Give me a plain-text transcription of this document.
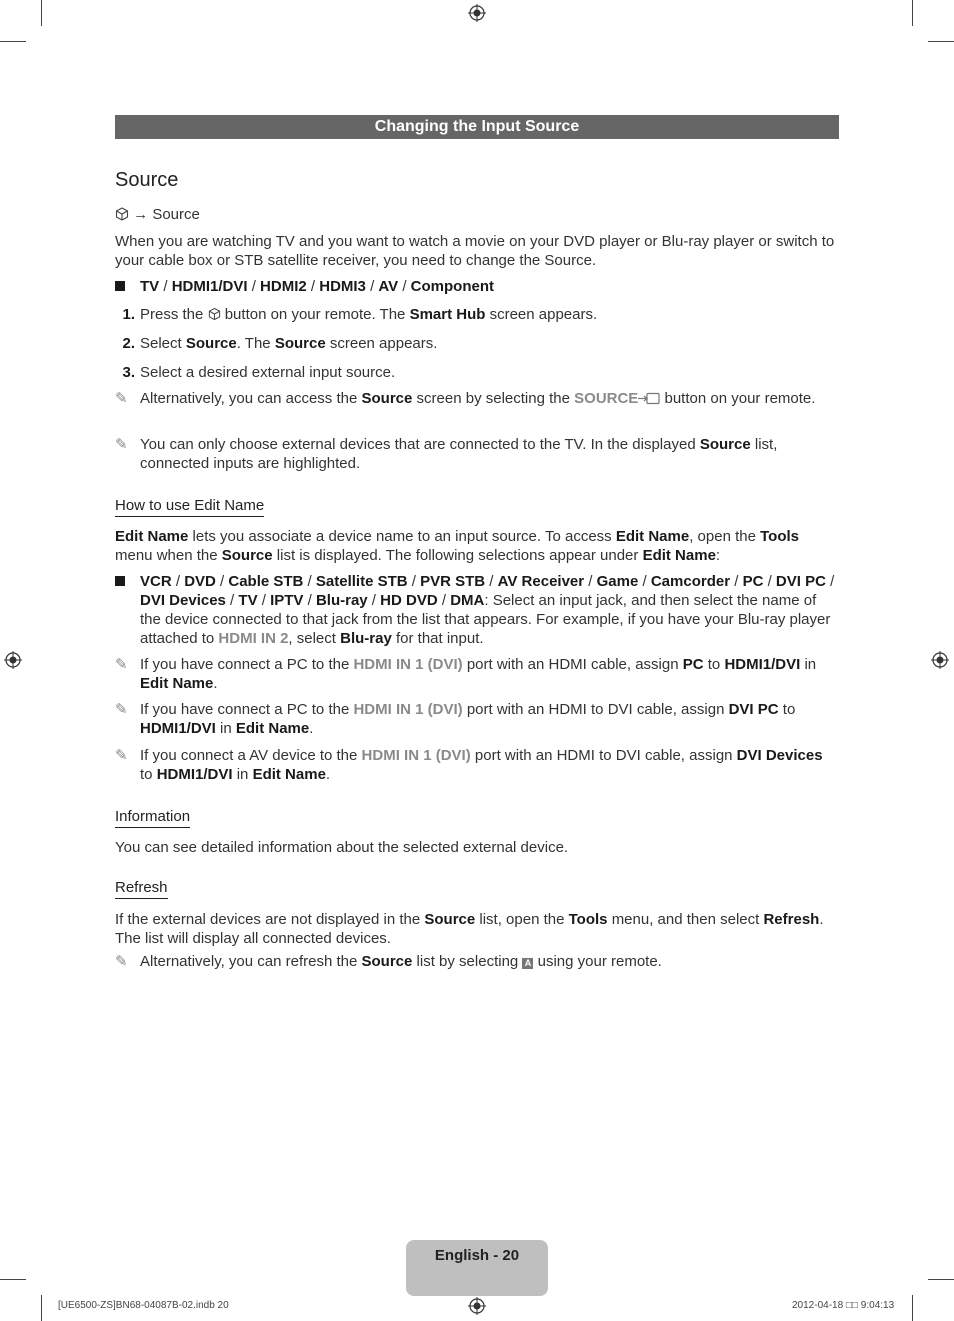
Changing the Input Source
Source
→ Source
When you are watching TV and you want to watch a movie on your DVD player or Blu-ray player or switch to your cable box or STB satellite receiver, you need to change the Source.
TV / HDMI1/DVI / HDMI2 / HDMI3 / AV / Component
1. Press the button on your remote. The Smart Hub screen appears.
2. Select Source. The Source screen appears.
3. Select a desired external input source.
✎ Alternatively, you can access the Source screen by selecting the SOURCE button on your remote.
✎ You can only choose external devices that are connected to the TV. In the displayed Source list, connected inputs are highlighted.
How to use Edit Name
Edit Name lets you associate a device name to an input source. To access Edit Name, open the Tools menu when the Source list is displayed. The following selections appear under Edit Name:
VCR / DVD / Cable STB / Satellite STB / PVR STB / AV Receiver / Game / Camcorder / PC / DVI PC / DVI Devices / TV / IPTV / Blu-ray / HD DVD / DMA: Select an input jack, and then select the name of the device connected to that jack from the list that appears. For example, if you have your Blu-ray player attached to HDMI IN 2, select Blu-ray for that input.
✎ If you have connect a PC to the HDMI IN 1 (DVI) port with an HDMI cable, assign PC to HDMI1/DVI in Edit Name.
✎ If you have connect a PC to the HDMI IN 1 (DVI) port with an HDMI to DVI cable, assign DVI PC to HDMI1/DVI in Edit Name.
✎ If you connect a AV device to the HDMI IN 1 (DVI) port with an HDMI to DVI cable, assign DVI Devices to HDMI1/DVI in Edit Name.
Information
You can see detailed information about the selected external device.
Refresh
If the external devices are not displayed in the Source list, open the Tools menu, and then select Refresh. The list will display all connected devices.
✎ Alternatively, you can refresh the Source list by selecting A using your remote.
English - 20
[UE6500-ZS]BN68-04087B-02.indb 20	2012-04-18 □□ 9:04:13
